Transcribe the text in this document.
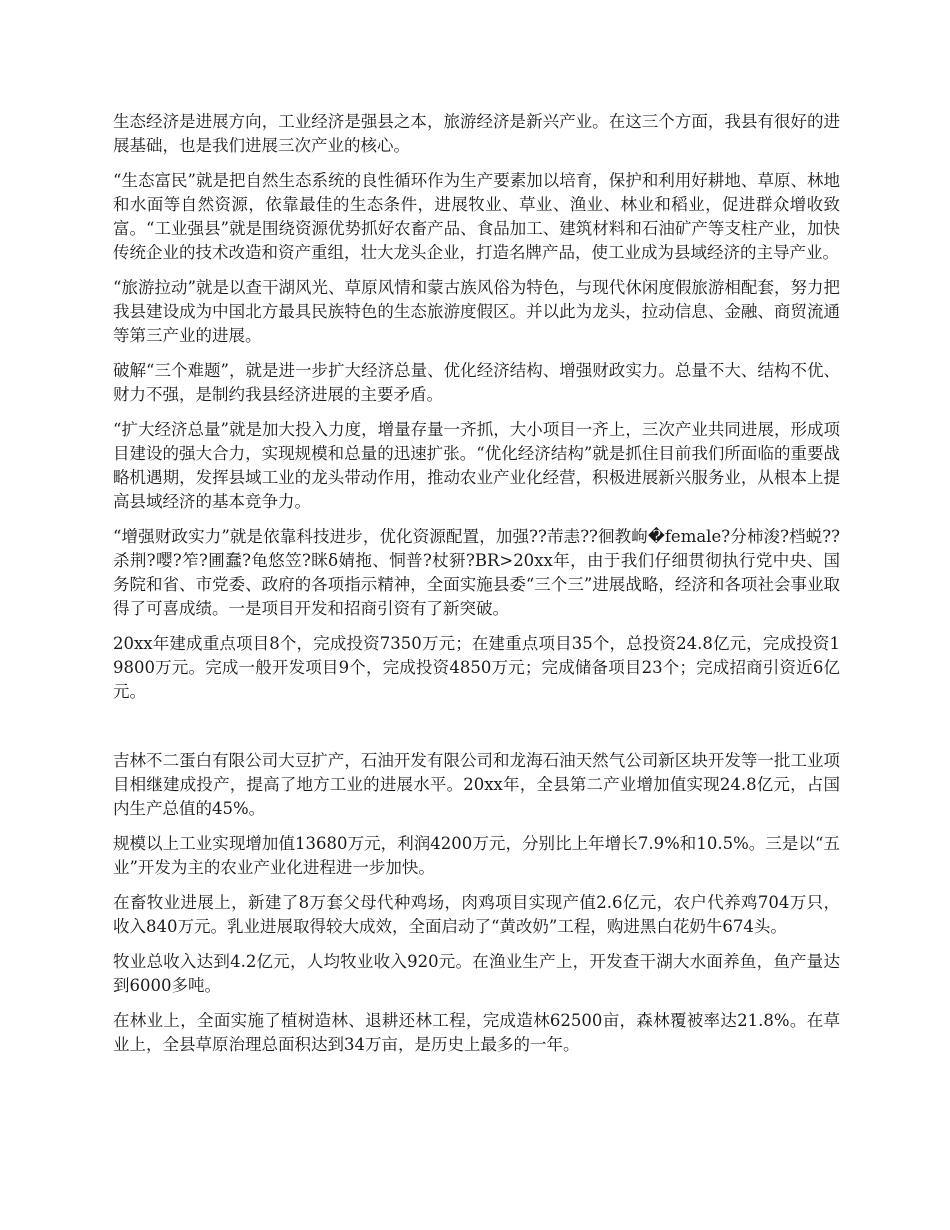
生态经济是进展方向，工业经济是强县之本，旅游经济是新兴产业。在这三个方面，我县有很好的进展基础，也是我们进展三次产业的核心。

“生态富民”就是把自然生态系统的良性循环作为生产要素加以培育，保护和利用好耕地、草原、林地和水面等自然资源，依靠最佳的生态条件，进展牧业、草业、渔业、林业和稻业，促进群众增收致富。“工业强县”就是围绕资源优势抓好农畜产品、食品加工、建筑材料和石油矿产等支柱产业，加快传统企业的技术改造和资产重组，壮大龙头企业，打造名牌产品，使工业成为县域经济的主导产业。

“旅游拉动”就是以查干湖风光、草原风情和蒙古族风俗为特色，与现代休闲度假旅游相配套，努力把我县建设成为中国北方最具民族特色的生态旅游度假区。并以此为龙头，拉动信息、金融、商贸流通等第三产业的进展。

破解“三个难题”，就是进一步扩大经济总量、优化经济结构、增强财政实力。总量不大、结构不优、财力不强，是制约我县经济进展的主要矛盾。

“扩大经济总量”就是加大投入力度，增量存量一齐抓，大小项目一齐上，三次产业共同进展，形成项目建设的强大合力，实现规模和总量的迅速扩张。“优化经济结构”就是抓住目前我们所面临的重要战略机遇期，发挥县域工业的龙头带动作用，推动农业产业化经营，积极进展新兴服务业，从根本上提高县域经济的基本竞争力。

“增强财政实力”就是依靠科技进步，优化资源配置，加强??芾恚??徊教岣�female?分柿浚?档蜕??杀荆?嘤?笮?圃蠢?龟悠笠?眯δ婧拖、恫普?杖豜?BR>20xx年，由于我们仔细贯彻执行党中央、国务院和省、市党委、政府的各项指示精神，全面实施县委“三个三”进展战略，经济和各项社会事业取得了可喜成绩。一是项目开发和招商引资有了新突破。

20xx年建成重点项目8个，完成投资7350万元；在建重点项目35个，总投资24.8亿元，完成投资19800万元。完成一般开发项目9个，完成投资4850万元；完成储备项目23个；完成招商引资近6亿元。

吉林不二蛋白有限公司大豆扩产，石油开发有限公司和龙海石油天然气公司新区块开发等一批工业项目相继建成投产，提高了地方工业的进展水平。20xx年，全县第二产业增加值实现24.8亿元，占国内生产总值的45%。

规模以上工业实现增加值13680万元，利润4200万元，分别比上年增长7.9%和10.5%。三是以“五业”开发为主的农业产业化进程进一步加快。

在畜牧业进展上，新建了8万套父母代种鸡场，肉鸡项目实现产值2.6亿元，农户代养鸡704万只，收入840万元。乳业进展取得较大成效，全面启动了“黄改奶”工程，购进黑白花奶牛674头。

牧业总收入达到4.2亿元，人均牧业收入920元。在渔业生产上，开发查干湖大水面养鱼，鱼产量达到6000多吨。

在林业上，全面实施了植树造林、退耕还林工程，完成造林62500亩，森林覆被率达21.8%。在草业上，全县草原治理总面积达到34万亩，是历史上最多的一年。
